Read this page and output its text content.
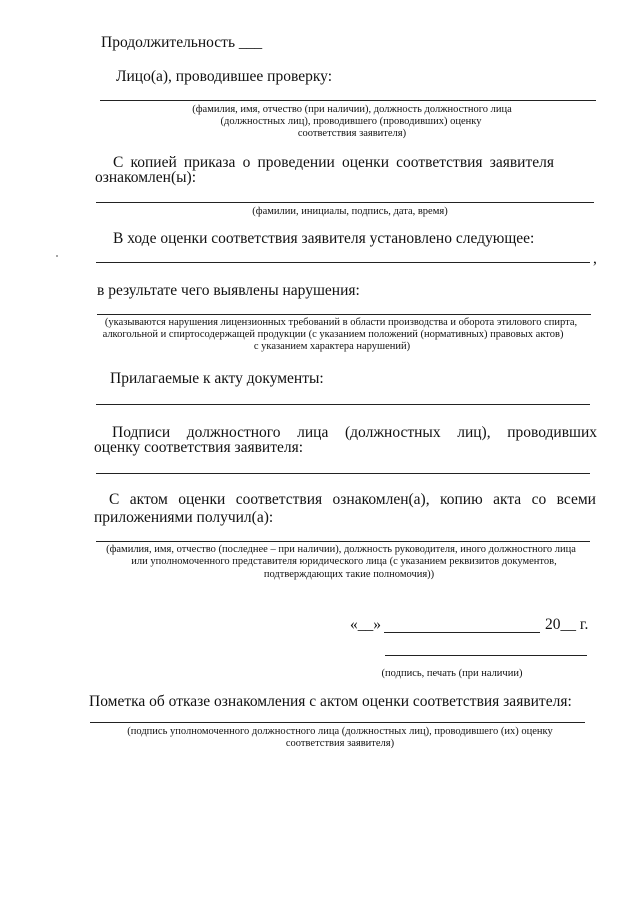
Продолжительность ___
Лицо(а), проводившее проверку:
(фамилия, имя, отчество (при наличии), должность должностного лица
(должностных лиц), проводившего (проводивших) оценку
соответствия заявителя)
С копией приказа о проведении оценки соответствия заявителя
ознакомлен(ы):
(фамилии, инициалы, подпись, дата, время)
В ходе оценки соответствия заявителя установлено следующее:
,
в результате чего выявлены нарушения:
(указываются нарушения лицензионных требований в области производства и оборота этилового спирта,
алкогольной и спиртосодержащей продукции (с указанием положений (нормативных) правовых актов)
с указанием характера нарушений)
Прилагаемые к акту документы:
Подписи должностного лица (должностных лиц), проводивших
оценку соответствия заявителя:
С актом оценки соответствия ознакомлен(а), копию акта со всеми
приложениями получил(а):
(фамилия, имя, отчество (последнее – при наличии), должность руководителя, иного должностного лица
или уполномоченного представителя юридического лица (с указанием реквизитов документов,
подтверждающих такие полномочия))
«__»	20__ г.
(подпись, печать (при наличии)
Пометка об отказе ознакомления с актом оценки соответствия заявителя:
(подпись уполномоченного должностного лица (должностных лиц), проводившего (их) оценку
соответствия заявителя)
